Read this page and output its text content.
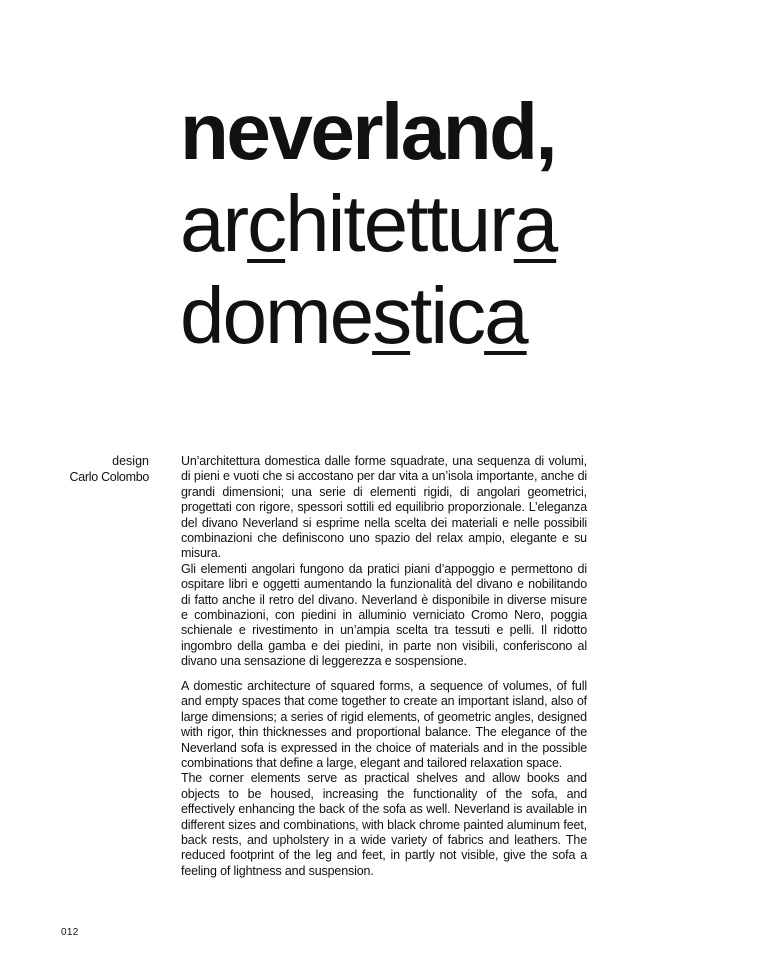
neverland,
architettura
domestica
design
Carlo Colombo

Un’architettura domestica dalle forme squadrate, una sequenza di volumi, di pieni e vuoti che si accostano per dar vita a un’isola importante, anche di grandi dimensioni; una serie di elementi rigidi, di angolari geometrici, progettati con rigore, spessori sottili ed equilibrio proporzionale. L’eleganza del divano Neverland si esprime nella scelta dei materiali e nelle possibili combinazioni che definiscono uno spazio del relax ampio, elegante e su misura.

Gli elementi angolari fungono da pratici piani d’appoggio e permettono di ospitare libri e oggetti aumentando la funzionalità del divano e nobilitando di fatto anche il retro del divano. Neverland è disponibile in diverse misure e combinazioni, con piedini in alluminio verniciato Cromo Nero, poggia schienale e rivestimento in un’ampia scelta tra tessuti e pelli. Il ridotto ingombro della gamba e dei piedini, in parte non visibili, conferiscono al divano una sensazione di leggerezza e sospensione.

A domestic architecture of squared forms, a sequence of volumes, of full and empty spaces that come together to create an important island, also of large dimensions; a series of rigid elements, of geometric angles, designed with rigor, thin thicknesses and proportional balance. The elegance of the Neverland sofa is expressed in the choice of materials and in the possible combinations that define a large, elegant and tailored relaxation space.

The corner elements serve as practical shelves and allow books and objects to be housed, increasing the functionality of the sofa, and effectively enhancing the back of the sofa as well. Neverland is available in different sizes and combinations, with black chrome painted aluminum feet, back rests, and upholstery in a wide variety of fabrics and leathers. The reduced footprint of the leg and feet, in partly not visible, give the sofa a feeling of lightness and suspension.

012
